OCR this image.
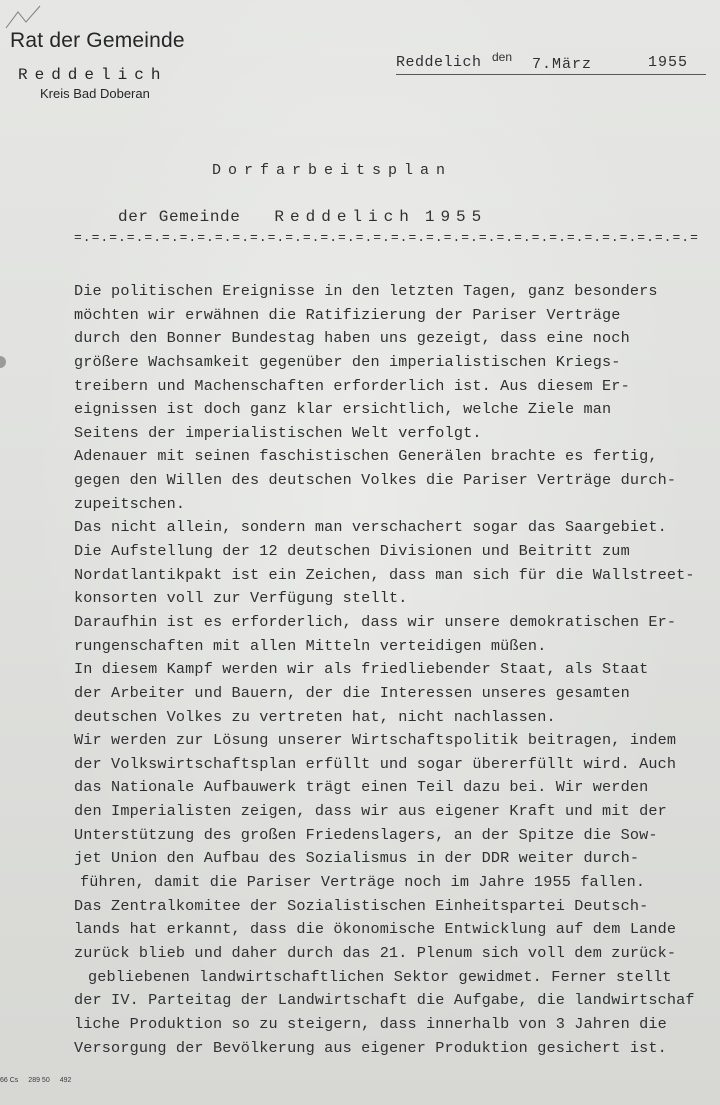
Rat der Gemeinde
Reddelich
Kreis Bad Doberan
Reddelich den 7.März	1955
Dorfarbeitsplan
der Gemeinde Reddelich 1955
=.=.=.=.=.=.=.=.=.=.=.=.=.=.=.=.=.=.=.=.=.=.=.=.=.=.=.=.=.=.=.=.=.=.=.=
Die politischen Ereignisse in den letzten Tagen, ganz besonders
möchten wir erwähnen die Ratifizierung der Pariser Verträge
durch den Bonner Bundestag haben uns gezeigt, dass eine noch
größere Wachsamkeit gegenüber den imperialistischen Kriegs-
treibern und Machenschaften erforderlich ist. Aus diesem Er-
eignissen ist doch ganz klar ersichtlich, welche Ziele man
Seitens der imperialistischen Welt verfolgt.
Adenauer mit seinen faschistischen Generälen brachte es fertig,
gegen den Willen des deutschen Volkes die Pariser Verträge durch-
zupeitschen.
Das nicht allein, sondern man verschachert sogar das Saargebiet.
Die Aufstellung der 12 deutschen Divisionen und Beitritt zum
Nordatlantikpakt ist ein Zeichen, dass man sich für die Wallstreet-
konsorten voll zur Verfügung stellt.
Daraufhin ist es erforderlich, dass wir unsere demokratischen Er-
rungenschaften mit allen Mitteln verteidigen müßen.
In diesem Kampf werden wir als friedliebender Staat, als Staat
der Arbeiter und Bauern, der die Interessen unseres gesamten
deutschen Volkes zu vertreten hat, nicht nachlassen.
Wir werden zur Lösung unserer Wirtschaftspolitik beitragen, indem
der Volkswirtschaftsplan erfüllt und sogar übererfüllt wird. Auch
das Nationale Aufbauwerk trägt einen Teil dazu bei. Wir werden
den Imperialisten zeigen, dass wir aus eigener Kraft und mit der
Unterstützung des großen Friedenslagers, an der Spitze die Sow-
jet Union den Aufbau des Sozialismus in der DDR weiter durch-
führen, damit die Pariser Verträge noch im Jahre 1955 fallen.
Das Zentralkomitee der Sozialistischen Einheitspartei Deutsch-
lands hat erkannt, dass die ökonomische Entwicklung auf dem Lande
zurück blieb und daher durch das 21. Plenum sich voll dem zurück-
gebliebenen landwirtschaftlichen Sektor gewidmet. Ferner stellt
der IV. Parteitag der Landwirtschaft die Aufgabe, die landwirtschaf
liche Produktion so zu steigern, dass innerhalb von 3 Jahren die
Versorgung der Bevölkerung aus eigener Produktion gesichert ist.
66 Cs 289 50 492
